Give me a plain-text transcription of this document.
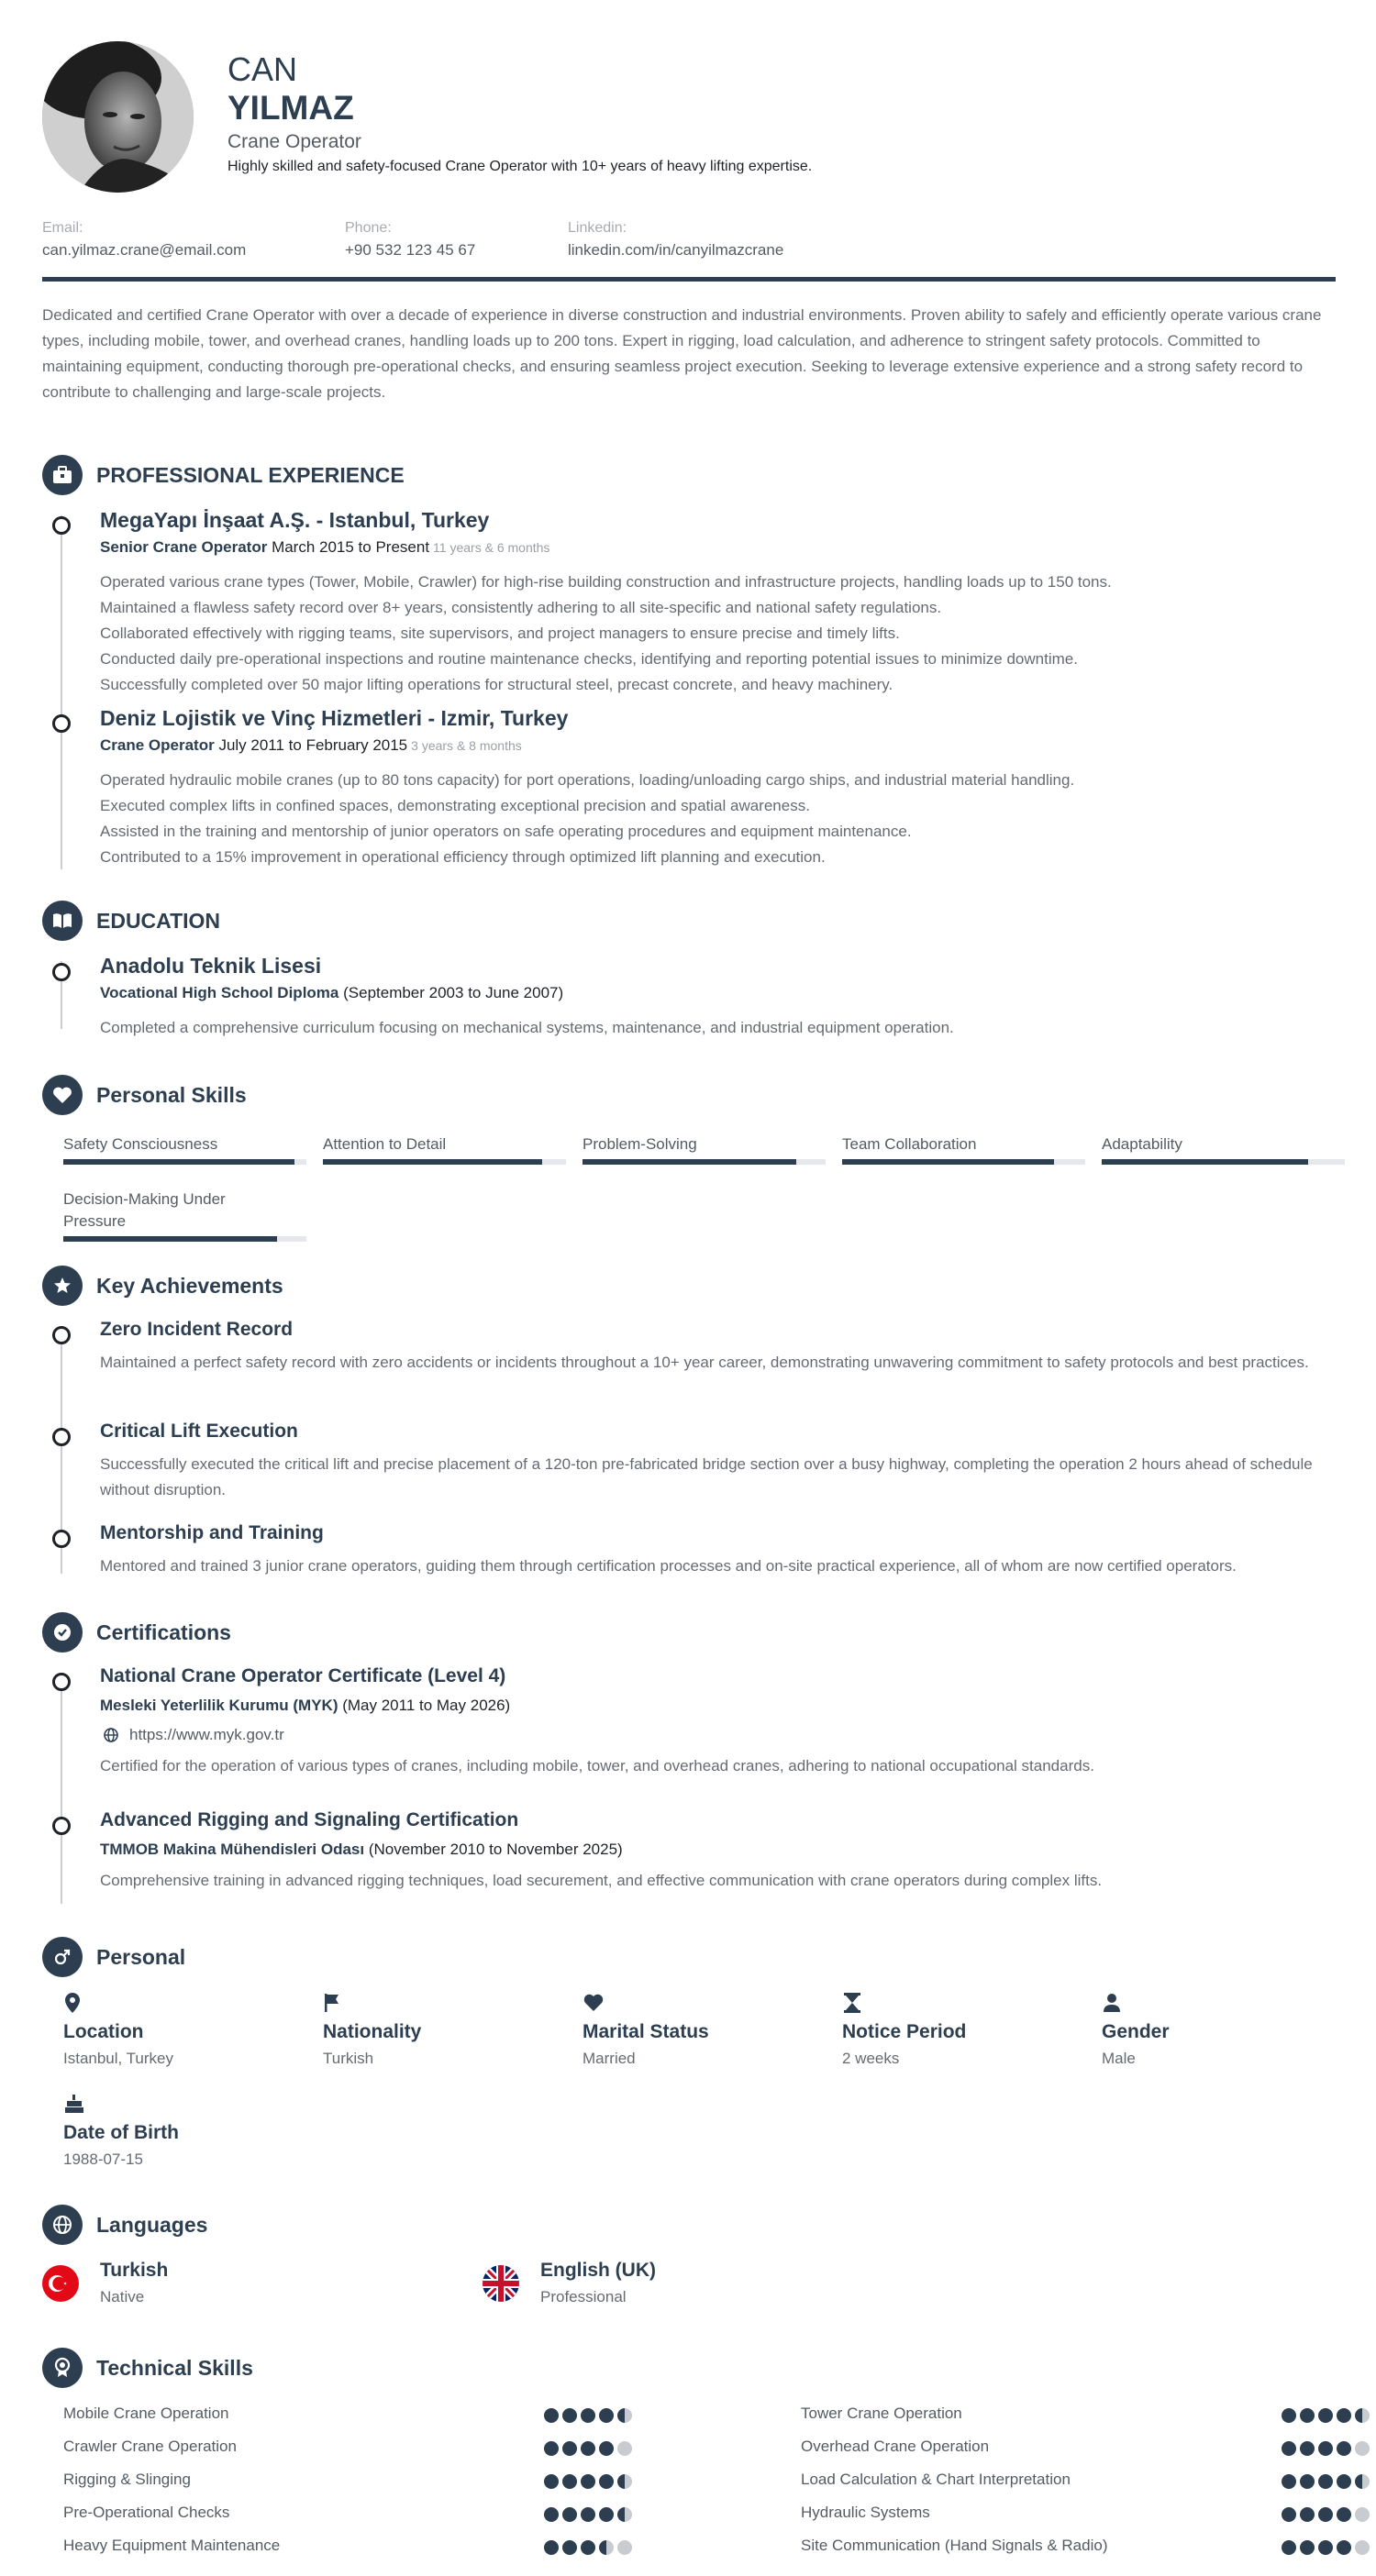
CAN
YILMAZ
Crane Operator
Highly skilled and safety-focused Crane Operator with 10+ years of heavy lifting expertise.
Email:
can.yilmaz.crane@email.com
Phone:
+90 532 123 45 67
Linkedin:
linkedin.com/in/canyilmazcrane
Dedicated and certified Crane Operator with over a decade of experience in diverse construction and industrial environments. Proven ability to safely and efficiently operate various crane types, including mobile, tower, and overhead cranes, handling loads up to 200 tons. Expert in rigging, load calculation, and adherence to stringent safety protocols. Committed to maintaining equipment, conducting thorough pre-operational checks, and ensuring seamless project execution. Seeking to leverage extensive experience and a strong safety record to contribute to challenging and large-scale projects.
PROFESSIONAL EXPERIENCE
MegaYapı İnşaat A.Ş. - Istanbul, Turkey
Senior Crane Operator March 2015 to Present 11 years & 6 months
Operated various crane types (Tower, Mobile, Crawler) for high-rise building construction and infrastructure projects, handling loads up to 150 tons.
Maintained a flawless safety record over 8+ years, consistently adhering to all site-specific and national safety regulations.
Collaborated effectively with rigging teams, site supervisors, and project managers to ensure precise and timely lifts.
Conducted daily pre-operational inspections and routine maintenance checks, identifying and reporting potential issues to minimize downtime.
Successfully completed over 50 major lifting operations for structural steel, precast concrete, and heavy machinery.
Deniz Lojistik ve Vinç Hizmetleri - Izmir, Turkey
Crane Operator July 2011 to February 2015 3 years & 8 months
Operated hydraulic mobile cranes (up to 80 tons capacity) for port operations, loading/unloading cargo ships, and industrial material handling.
Executed complex lifts in confined spaces, demonstrating exceptional precision and spatial awareness.
Assisted in the training and mentorship of junior operators on safe operating procedures and equipment maintenance.
Contributed to a 15% improvement in operational efficiency through optimized lift planning and execution.
EDUCATION
Anadolu Teknik Lisesi
Vocational High School Diploma (September 2003 to June 2007)
Completed a comprehensive curriculum focusing on mechanical systems, maintenance, and industrial equipment operation.
Personal Skills
Safety Consciousness	Attention to Detail	Problem-Solving	Team Collaboration	Adaptability
Decision-Making Under Pressure
Key Achievements
Zero Incident Record
Maintained a perfect safety record with zero accidents or incidents throughout a 10+ year career, demonstrating unwavering commitment to safety protocols and best practices.
Critical Lift Execution
Successfully executed the critical lift and precise placement of a 120-ton pre-fabricated bridge section over a busy highway, completing the operation 2 hours ahead of schedule without disruption.
Mentorship and Training
Mentored and trained 3 junior crane operators, guiding them through certification processes and on-site practical experience, all of whom are now certified operators.
Certifications
National Crane Operator Certificate (Level 4)
Mesleki Yeterlilik Kurumu (MYK) (May 2011 to May 2026)
https://www.myk.gov.tr
Certified for the operation of various types of cranes, including mobile, tower, and overhead cranes, adhering to national occupational standards.
Advanced Rigging and Signaling Certification
TMMOB Makina Mühendisleri Odası (November 2010 to November 2025)
Comprehensive training in advanced rigging techniques, load securement, and effective communication with crane operators during complex lifts.
Personal
Location
Istanbul, Turkey
Nationality
Turkish
Marital Status
Married
Notice Period
2 weeks
Gender
Male
Date of Birth
1988-07-15
Languages
Turkish
Native
English (UK)
Professional
Technical Skills
Mobile Crane Operation	Tower Crane Operation
Crawler Crane Operation	Overhead Crane Operation
Rigging & Slinging	Load Calculation & Chart Interpretation
Pre-Operational Checks	Hydraulic Systems
Heavy Equipment Maintenance	Site Communication (Hand Signals & Radio)
